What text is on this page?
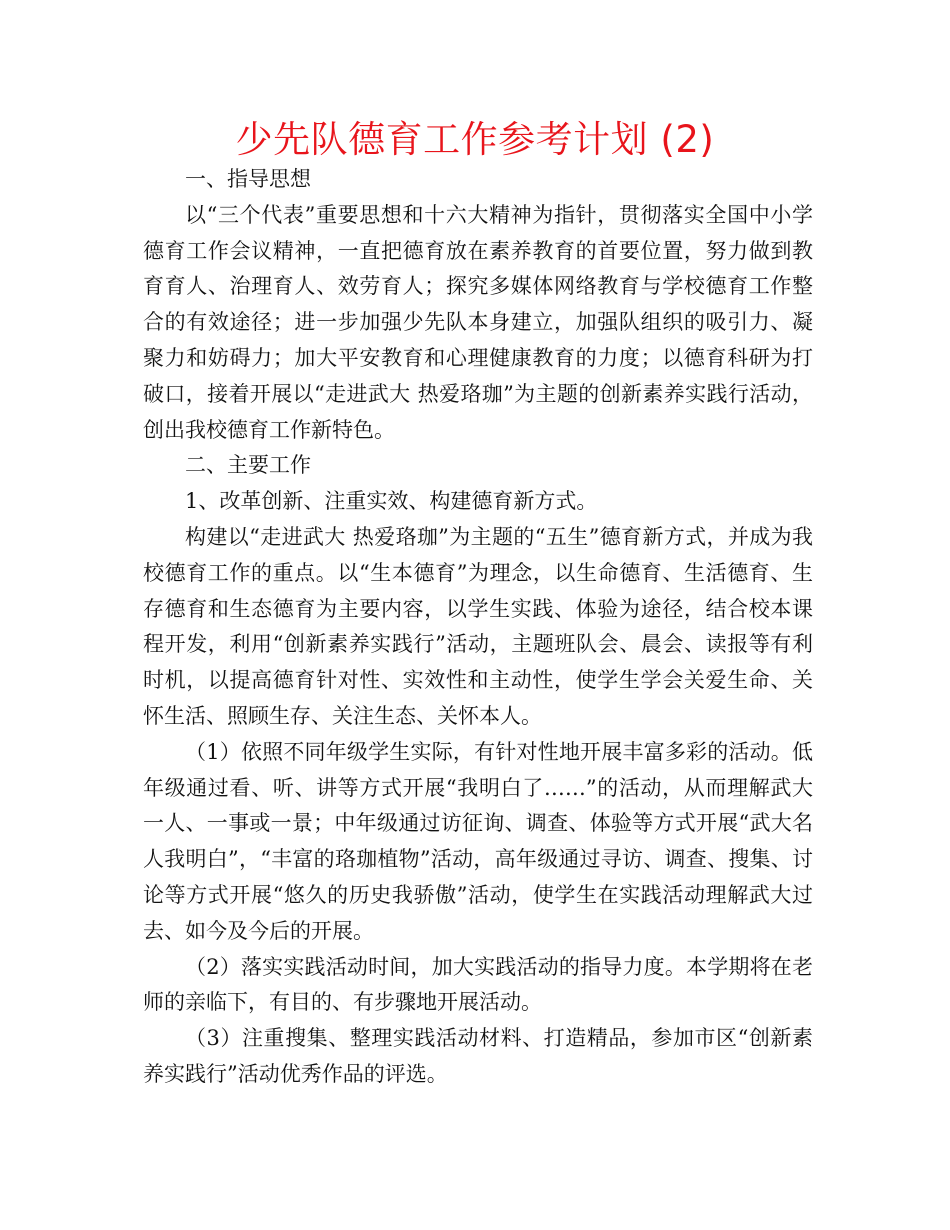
少先队德育工作参考计划 (2)

一、指导思想

以“三个代表”重要思想和十六大精神为指针，贯彻落实全国中小学德育工作会议精神，一直把德育放在素养教育的首要位置，努力做到教育育人、治理育人、效劳育人；探究多媒体网络教育与学校德育工作整合的有效途径；进一步加强少先队本身建立，加强队组织的吸引力、凝聚力和妨碍力；加大平安教育和心理健康教育的力度；以德育科研为打破口，接着开展以“走进武大 热爱珞珈”为主题的创新素养实践行活动，创出我校德育工作新特色。

二、主要工作

1、改革创新、注重实效、构建德育新方式。

构建以“走进武大 热爱珞珈”为主题的“五生”德育新方式，并成为我校德育工作的重点。以“生本德育”为理念，以生命德育、生活德育、生存德育和生态德育为主要内容，以学生实践、体验为途径，结合校本课程开发，利用“创新素养实践行”活动，主题班队会、晨会、读报等有利时机，以提高德育针对性、实效性和主动性，使学生学会关爱生命、关怀生活、照顾生存、关注生态、关怀本人。

（1）依照不同年级学生实际，有针对性地开展丰富多彩的活动。低年级通过看、听、讲等方式开展“我明白了……”的活动，从而理解武大一人、一事或一景；中年级通过访征询、调查、体验等方式开展“武大名人我明白”，“丰富的珞珈植物”活动，高年级通过寻访、调查、搜集、讨论等方式开展“悠久的历史我骄傲”活动，使学生在实践活动理解武大过去、如今及今后的开展。

（2）落实实践活动时间，加大实践活动的指导力度。本学期将在老师的亲临下，有目的、有步骤地开展活动。

（3）注重搜集、整理实践活动材料、打造精品，参加市区“创新素养实践行”活动优秀作品的评选。
